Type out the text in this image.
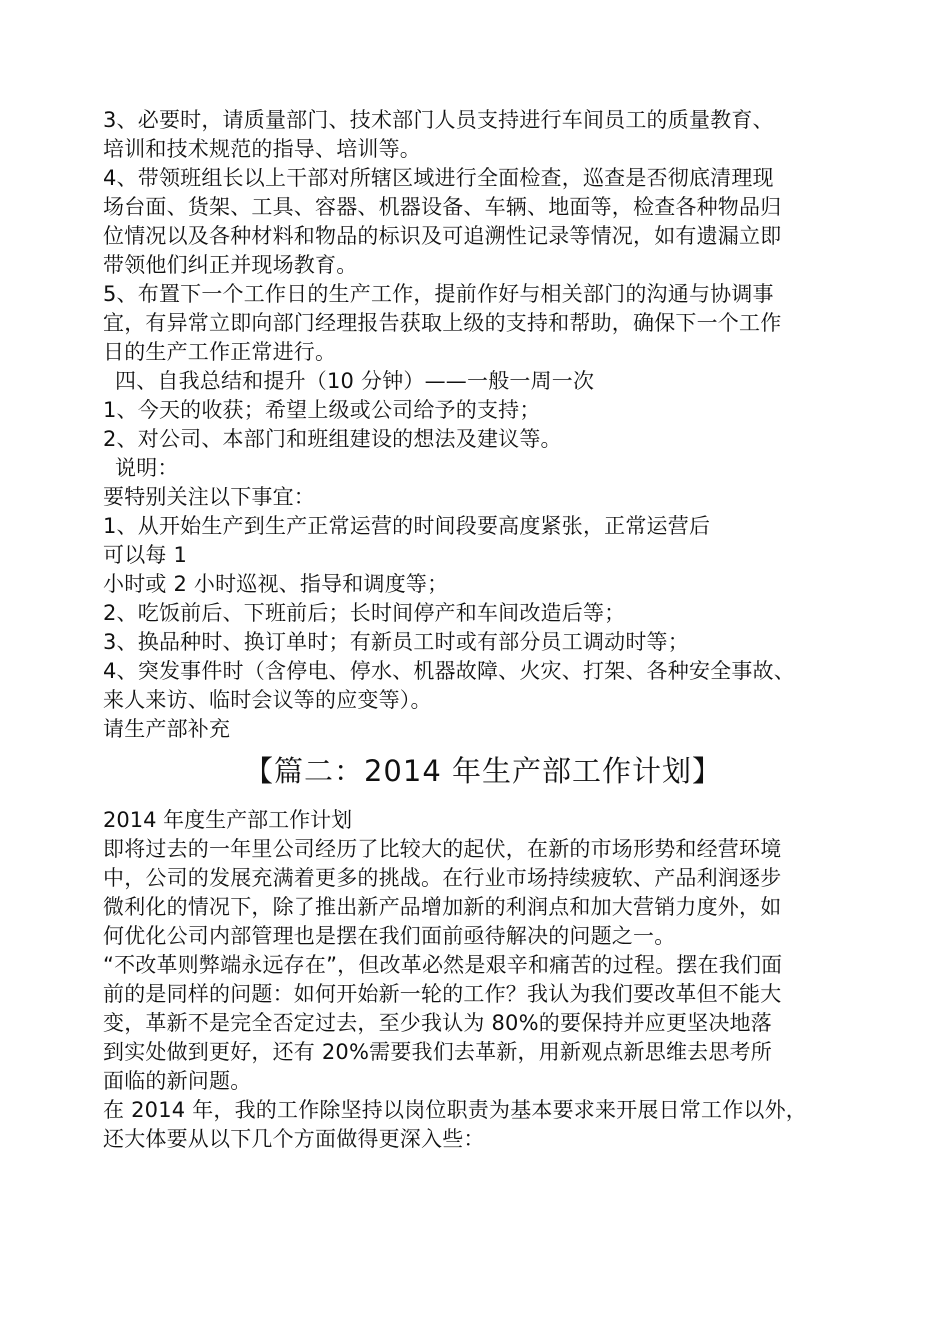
3、必要时，请质量部门、技术部门人员支持进行车间员工的质量教育、
培训和技术规范的指导、培训等。
4、带领班组长以上干部对所辖区域进行全面检查，巡查是否彻底清理现
场台面、货架、工具、容器、机器设备、车辆、地面等，检查各种物品归
位情况以及各种材料和物品的标识及可追溯性记录等情况，如有遗漏立即
带领他们纠正并现场教育。
5、布置下一个工作日的生产工作，提前作好与相关部门的沟通与协调事
宜，有异常立即向部门经理报告获取上级的支持和帮助，确保下一个工作
日的生产工作正常进行。
四、自我总结和提升（10 分钟）——一般一周一次
1、今天的收获；希望上级或公司给予的支持；
2、对公司、本部门和班组建设的想法及建议等。
说明：
要特别关注以下事宜：
1、从开始生产到生产正常运营的时间段要高度紧张，正常运营后
可以每 1
小时或 2 小时巡视、指导和调度等；
2、吃饭前后、下班前后；长时间停产和车间改造后等；
3、换品种时、换订单时；有新员工时或有部分员工调动时等；
4、突发事件时（含停电、停水、机器故障、火灾、打架、各种安全事故、
来人来访、临时会议等的应变等）。
请生产部补充
【篇二：2014 年生产部工作计划】
2014 年度生产部工作计划
即将过去的一年里公司经历了比较大的起伏，在新的市场形势和经营环境
中，公司的发展充满着更多的挑战。在行业市场持续疲软、产品利润逐步
微利化的情况下，除了推出新产品增加新的利润点和加大营销力度外，如
何优化公司内部管理也是摆在我们面前亟待解决的问题之一。
“不改革则弊端永远存在”，但改革必然是艰辛和痛苦的过程。摆在我们面
前的是同样的问题：如何开始新一轮的工作？我认为我们要改革但不能大
变，革新不是完全否定过去，至少我认为 80%的要保持并应更坚决地落
到实处做到更好，还有 20%需要我们去革新，用新观点新思维去思考所
面临的新问题。
在 2014 年，我的工作除坚持以岗位职责为基本要求来开展日常工作以外，
还大体要从以下几个方面做得更深入些：
